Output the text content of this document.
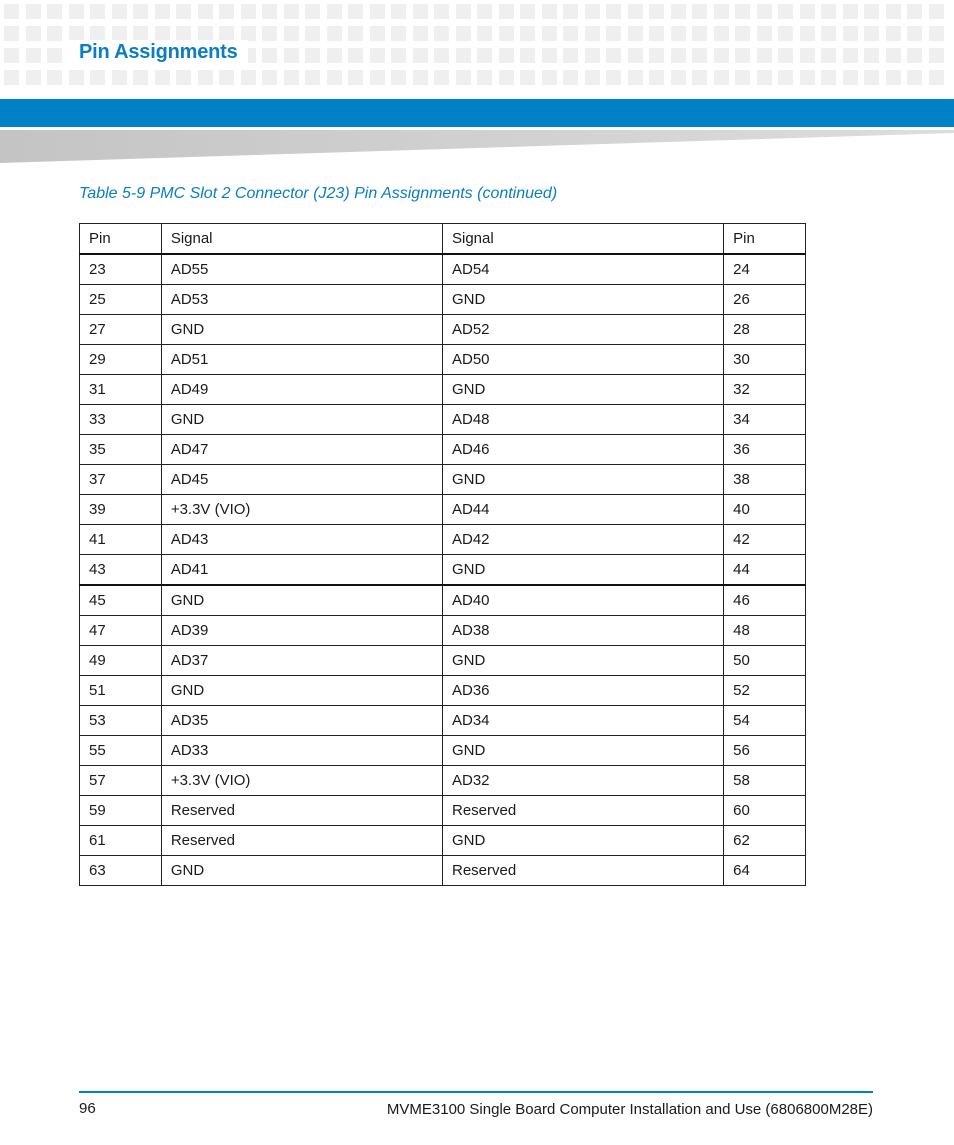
Pin Assignments
Table 5-9 PMC Slot 2 Connector (J23) Pin Assignments (continued)
Pin	Signal	Signal	Pin
23	AD55	AD54	24
25	AD53	GND	26
27	GND	AD52	28
29	AD51	AD50	30
31	AD49	GND	32
33	GND	AD48	34
35	AD47	AD46	36
37	AD45	GND	38
39	+3.3V (VIO)	AD44	40
41	AD43	AD42	42
43	AD41	GND	44
45	GND	AD40	46
47	AD39	AD38	48
49	AD37	GND	50
51	GND	AD36	52
53	AD35	AD34	54
55	AD33	GND	56
57	+3.3V (VIO)	AD32	58
59	Reserved	Reserved	60
61	Reserved	GND	62
63	GND	Reserved	64
96	MVME3100 Single Board Computer Installation and Use (6806800M28E)
